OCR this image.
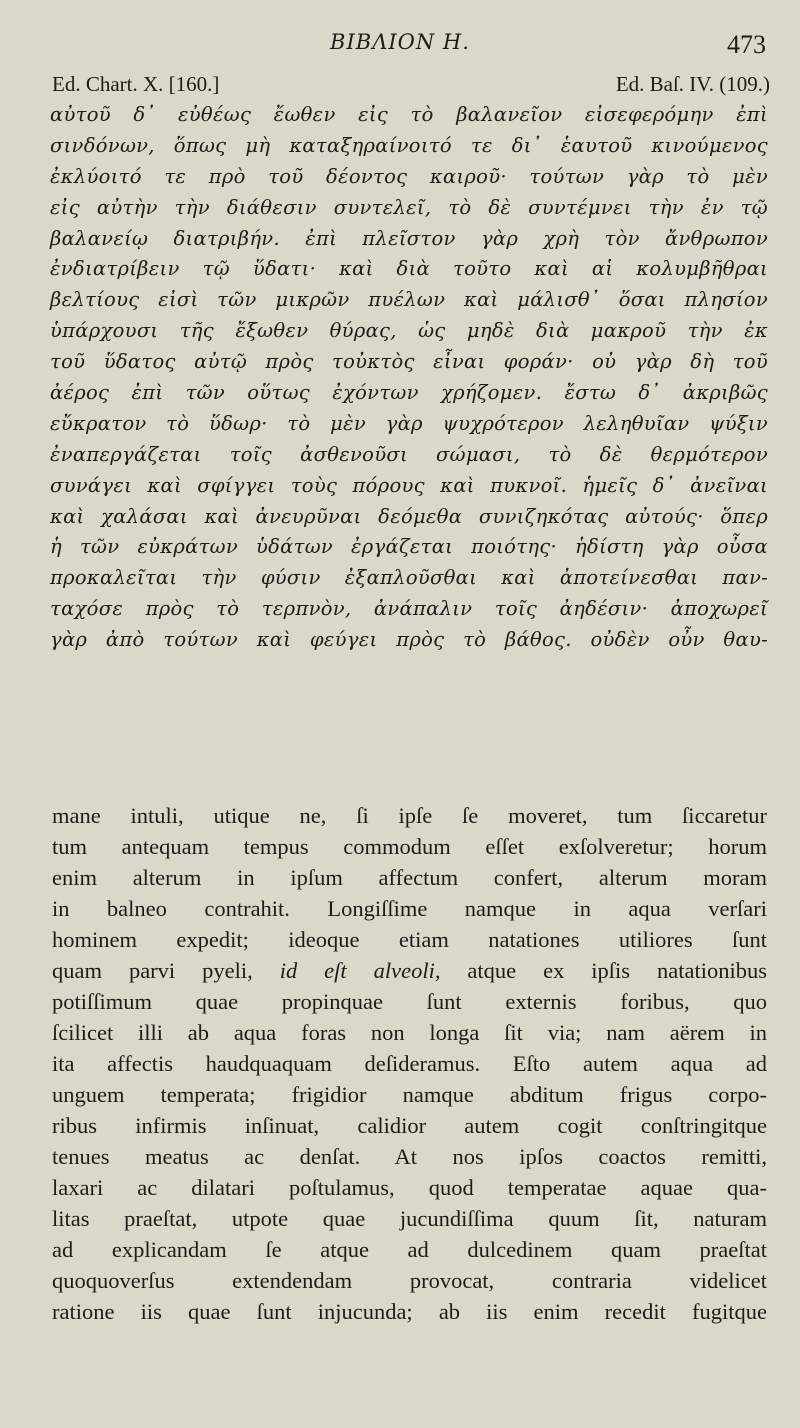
ΒΙΒΛΙΟΝ Η.	473
Ed. Chart. X. [160.]	Ed. Baſ. IV. (109.)
αὐτοῦ δ᾽ εὐθέως ἔωθεν εἰς τὸ βαλανεῖον εἰσεφερόμην ἐπὶ
σινδόνων, ὅπως μὴ καταξηραίνοιτό τε δι᾽ ἑαυτοῦ κινούμενος
ἐκλύοιτό τε πρὸ τοῦ δέοντος καιροῦ· τούτων γὰρ τὸ μὲν
εἰς αὐτὴν τὴν διάθεσιν συντελεῖ, τὸ δὲ συντέμνει τὴν ἐν τῷ
βαλανείῳ διατριβήν. ἐπὶ πλεῖστον γὰρ χρὴ τὸν ἄνθρωπον
ἐνδιατρίβειν τῷ ὕδατι· καὶ διὰ τοῦτο καὶ αἱ κολυμβῆθραι
βελτίους εἰσὶ τῶν μικρῶν πυέλων καὶ μάλισθ᾽ ὅσαι πλησίον
ὑπάρχουσι τῆς ἔξωθεν θύρας, ὡς μηδὲ διὰ μακροῦ τὴν ἐκ
τοῦ ὕδατος αὐτῷ πρὸς τοὐκτὸς εἶναι φοράν· οὐ γὰρ δὴ τοῦ
ἀέρος ἐπὶ τῶν οὕτως ἐχόντων χρήζομεν. ἔστω δ᾽ ἀκριβῶς
εὔκρατον τὸ ὕδωρ· τὸ μὲν γὰρ ψυχρότερον λεληθυῖαν ψύξιν
ἐναπεργάζεται τοῖς ἀσθενοῦσι σώμασι, τὸ δὲ θερμότερον
συνάγει καὶ σφίγγει τοὺς πόρους καὶ πυκνοῖ. ἡμεῖς δ᾽ ἀνεῖναι
καὶ χαλάσαι καὶ ἀνευρῦναι δεόμεθα συνιζηκότας αὐτούς· ὅπερ
ἡ τῶν εὐκράτων ὑδάτων ἐργάζεται ποιότης· ἡδίστη γὰρ οὖσα
προκαλεῖται τὴν φύσιν ἐξαπλοῦσθαι καὶ ἀποτείνεσθαι παν-
ταχόσε πρὸς τὸ τερπνὸν, ἀνάπαλιν τοῖς ἀηδέσιν· ἀποχωρεῖ
γὰρ ἀπὸ τούτων καὶ φεύγει πρὸς τὸ βάθος. οὐδὲν οὖν θαυ-
mane intuli, utique ne, ſi ipſe ſe moveret, tum ſiccaretur
tum antequam tempus commodum eſſet exſolveretur; horum
enim alterum in ipſum affectum confert, alterum moram
in balneo contrahit. Longiſſime namque in aqua verſari
hominem expedit; ideoque etiam natationes utiliores ſunt
quam parvi pyeli, id eſt alveoli, atque ex ipſis natationibus
potiſſimum quae propinquae ſunt externis foribus, quo
ſcilicet illi ab aqua foras non longa ſit via; nam aërem in
ita affectis haudquaquam deſideramus. Eſto autem aqua ad
unguem temperata; frigidior namque abditum frigus corpo-
ribus infirmis inſinuat, calidior autem cogit conſtringitque
tenues meatus ac denſat. At nos ipſos coactos remitti,
laxari ac dilatari poſtulamus, quod temperatae aquae qua-
litas praeſtat, utpote quae jucundiſſima quum ſit, naturam
ad explicandam ſe atque ad dulcedinem quam praeſtat
quoquoverſus extendendam provocat, contraria videlicet
ratione iis quae ſunt injucunda; ab iis enim recedit fugitque
